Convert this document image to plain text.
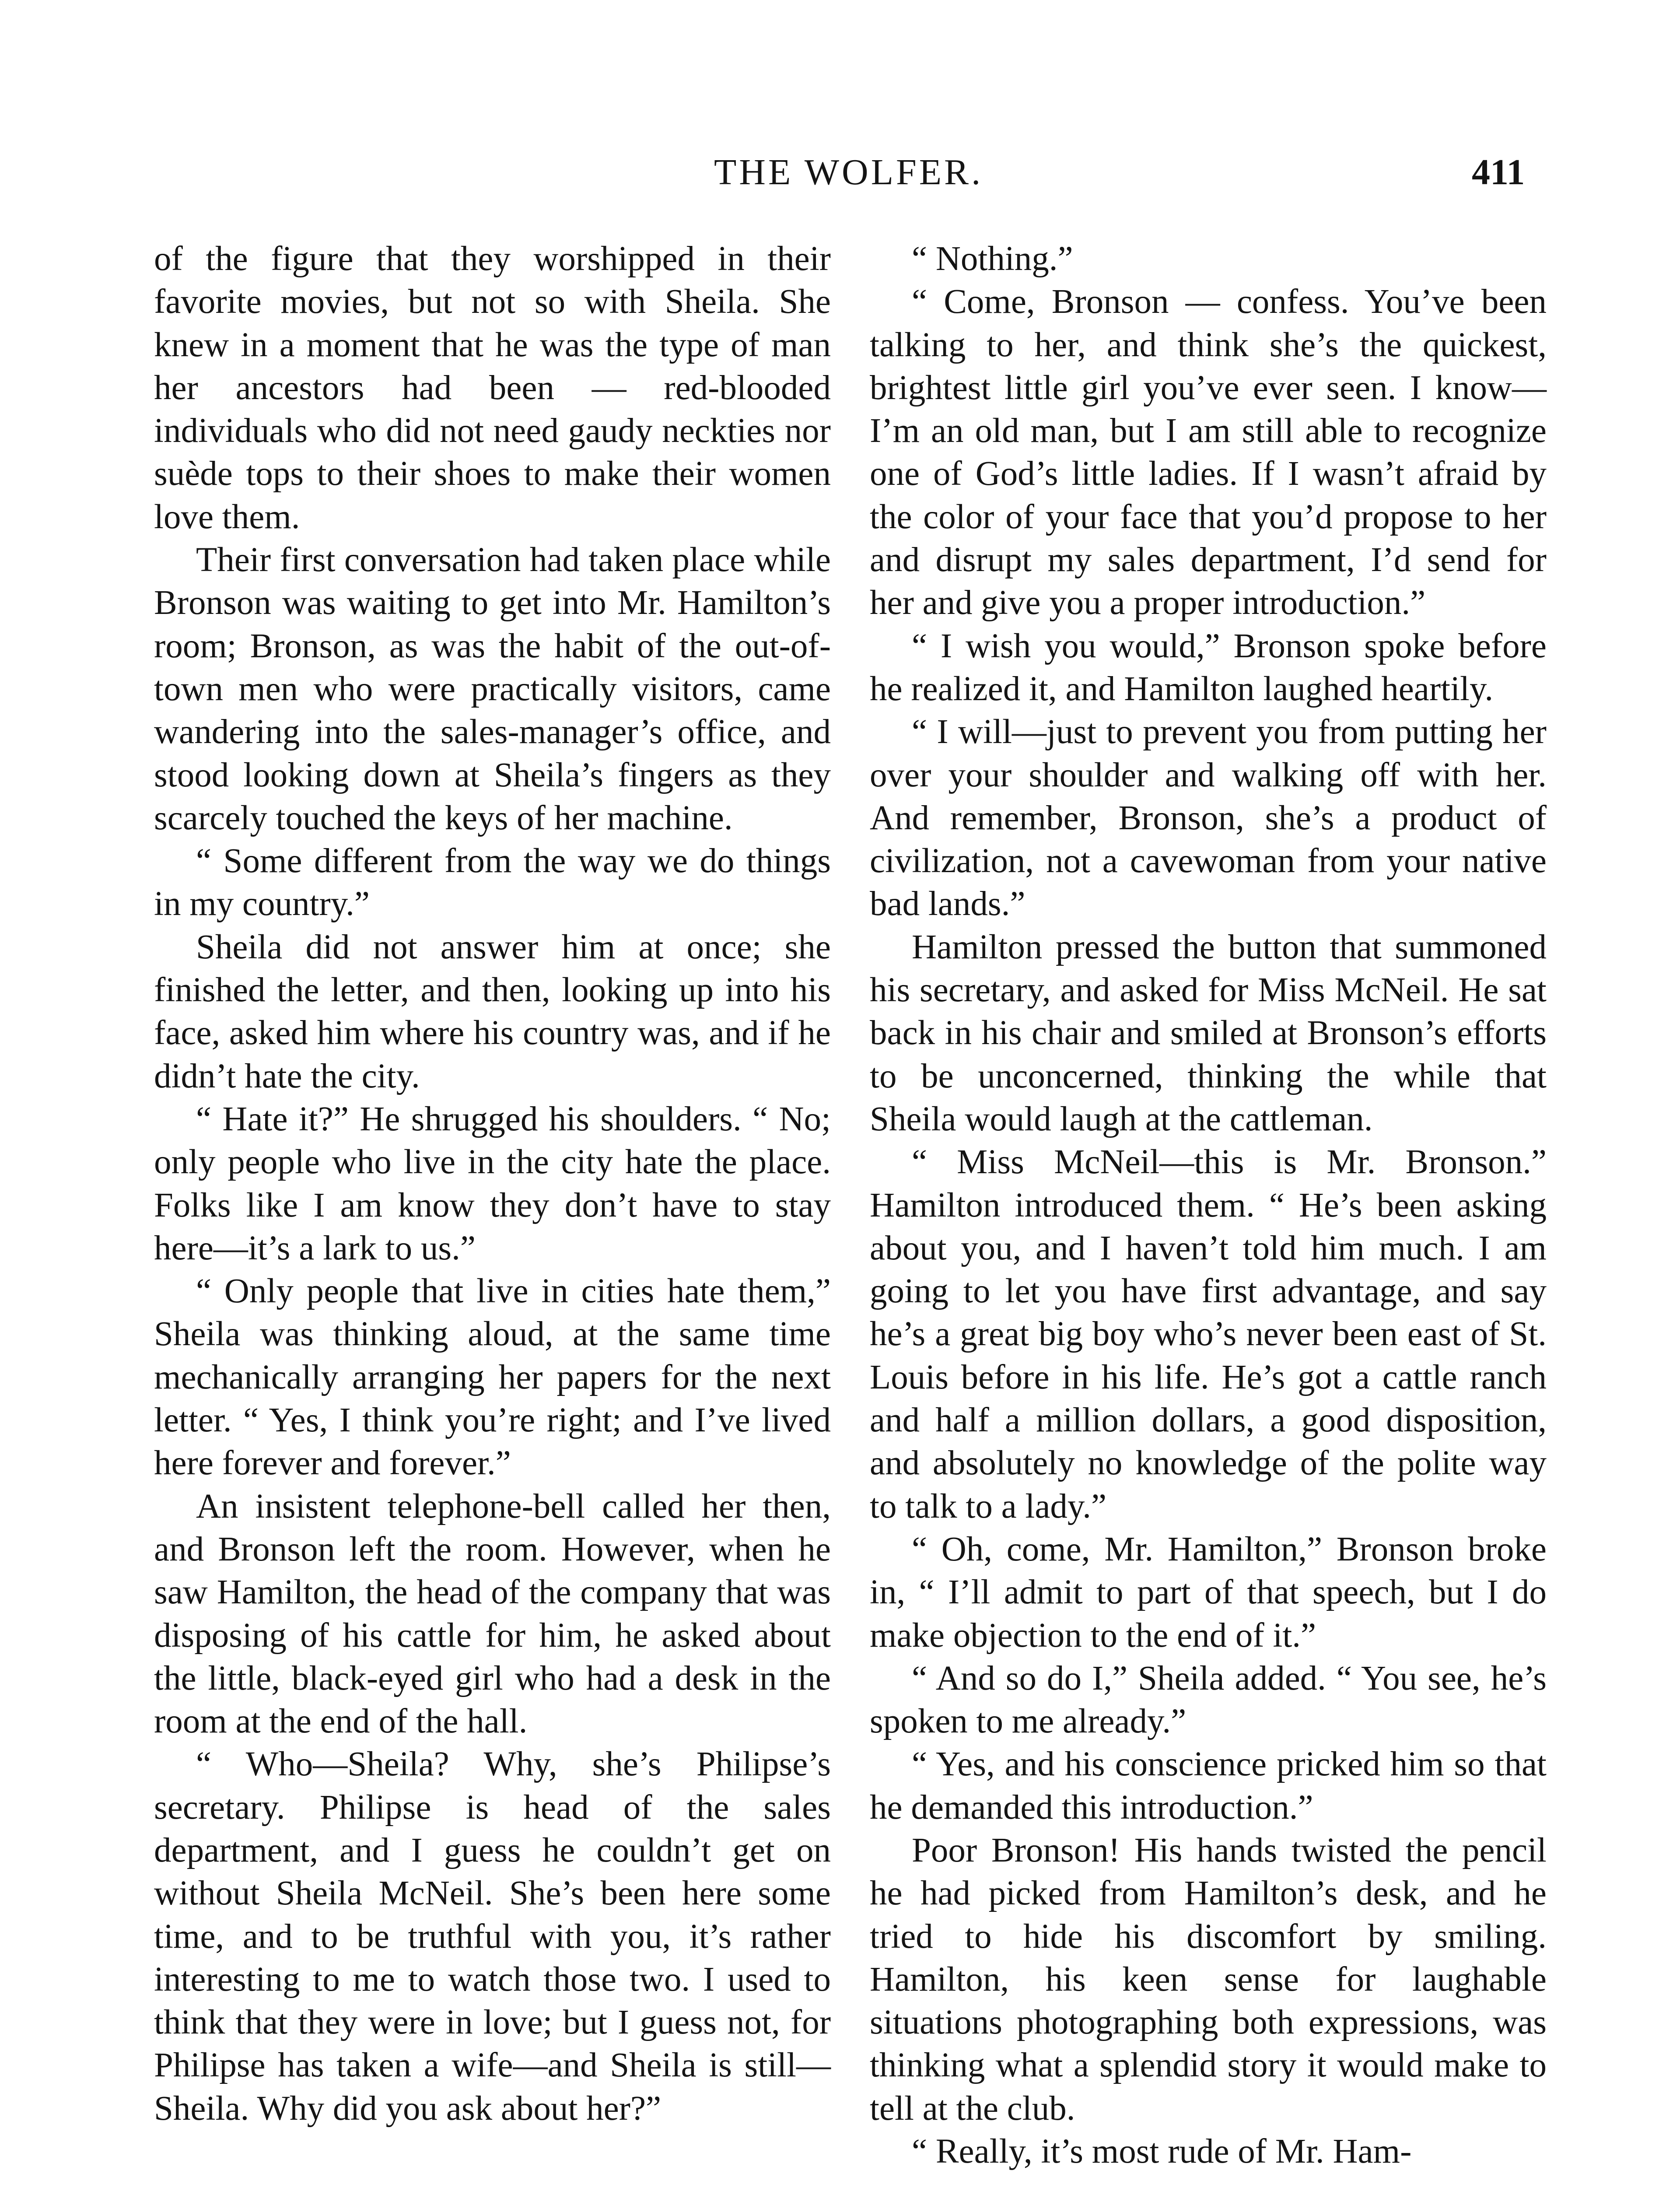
THE WOLFER.	411

of the figure that they worshipped in their favorite movies, but not so with Sheila. She knew in a moment that he was the type of man her ancestors had been — red-blooded individuals who did not need gaudy neckties nor suède tops to their shoes to make their women love them.

Their first conversation had taken place while Bronson was waiting to get into Mr. Hamilton’s room; Bronson, as was the habit of the out-of-town men who were practically visitors, came wandering into the sales-manager’s office, and stood looking down at Sheila’s fingers as they scarcely touched the keys of her machine.

“ Some different from the way we do things in my country.”

Sheila did not answer him at once; she finished the letter, and then, looking up into his face, asked him where his country was, and if he didn’t hate the city.

“ Hate it?” He shrugged his shoulders. “ No; only people who live in the city hate the place. Folks like I am know they don’t have to stay here—it’s a lark to us.”

“ Only people that live in cities hate them,” Sheila was thinking aloud, at the same time mechanically arranging her papers for the next letter. “ Yes, I think you’re right; and I’ve lived here forever and forever.”

An insistent telephone-bell called her then, and Bronson left the room. However, when he saw Hamilton, the head of the company that was disposing of his cattle for him, he asked about the little, black-eyed girl who had a desk in the room at the end of the hall.

“ Who—Sheila? Why, she’s Philipse’s secretary. Philipse is head of the sales department, and I guess he couldn’t get on without Sheila McNeil. She’s been here some time, and to be truthful with you, it’s rather interesting to me to watch those two. I used to think that they were in love; but I guess not, for Philipse has taken a wife—and Sheila is still—Sheila. Why did you ask about her?”

“ Nothing.”

“ Come, Bronson — confess. You’ve been talking to her, and think she’s the quickest, brightest little girl you’ve ever seen. I know—I’m an old man, but I am still able to recognize one of God’s little ladies. If I wasn’t afraid by the color of your face that you’d propose to her and disrupt my sales department, I’d send for her and give you a proper introduction.”

“ I wish you would,” Bronson spoke before he realized it, and Hamilton laughed heartily.

“ I will—just to prevent you from putting her over your shoulder and walking off with her. And remember, Bronson, she’s a product of civilization, not a cavewoman from your native bad lands.”

Hamilton pressed the button that summoned his secretary, and asked for Miss McNeil. He sat back in his chair and smiled at Bronson’s efforts to be unconcerned, thinking the while that Sheila would laugh at the cattleman.

“ Miss McNeil—this is Mr. Bronson.” Hamilton introduced them. “ He’s been asking about you, and I haven’t told him much. I am going to let you have first advantage, and say he’s a great big boy who’s never been east of St. Louis before in his life. He’s got a cattle ranch and half a million dollars, a good disposition, and absolutely no knowledge of the polite way to talk to a lady.”

“ Oh, come, Mr. Hamilton,” Bronson broke in, “ I’ll admit to part of that speech, but I do make objection to the end of it.”

“ And so do I,” Sheila added. “ You see, he’s spoken to me already.”

“ Yes, and his conscience pricked him so that he demanded this introduction.”

Poor Bronson! His hands twisted the pencil he had picked from Hamilton’s desk, and he tried to hide his discomfort by smiling. Hamilton, his keen sense for laughable situations photographing both expressions, was thinking what a splendid story it would make to tell at the club.

“ Really, it’s most rude of Mr. Ham-
